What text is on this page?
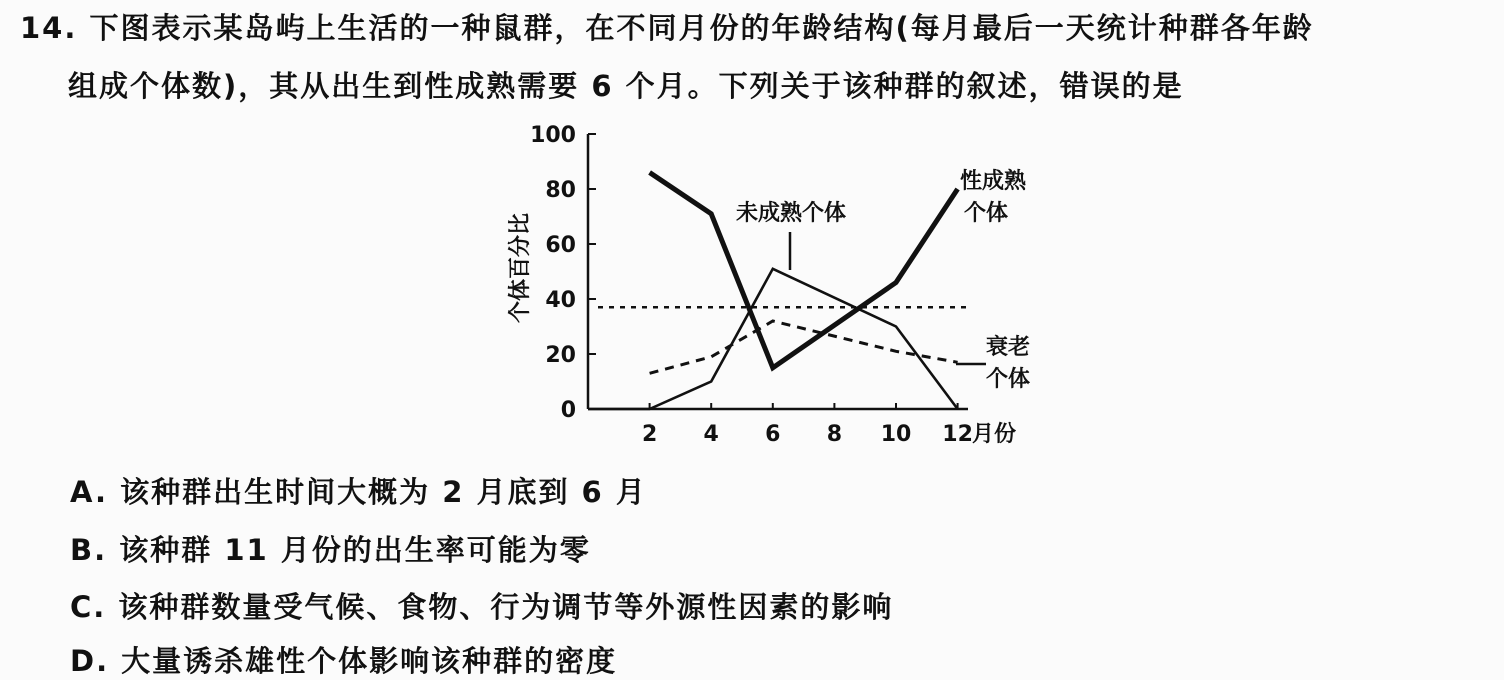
14. 下图表示某岛屿上生活的一种鼠群，在不同月份的年龄结构(每月最后一天统计种群各年龄
组成个体数)，其从出生到性成熟需要 6 个月。下列关于该种群的叙述，错误的是
0
20
40
60
80
100
2 4 6 8 10 12 月份
个体百分比	未成熟个体
性成熟
个体
衰老
个体
A. 该种群出生时间大概为 2 月底到 6 月
B. 该种群 11 月份的出生率可能为零
C. 该种群数量受气候、食物、行为调节等外源性因素的影响
D. 大量诱杀雄性个体影响该种群的密度
